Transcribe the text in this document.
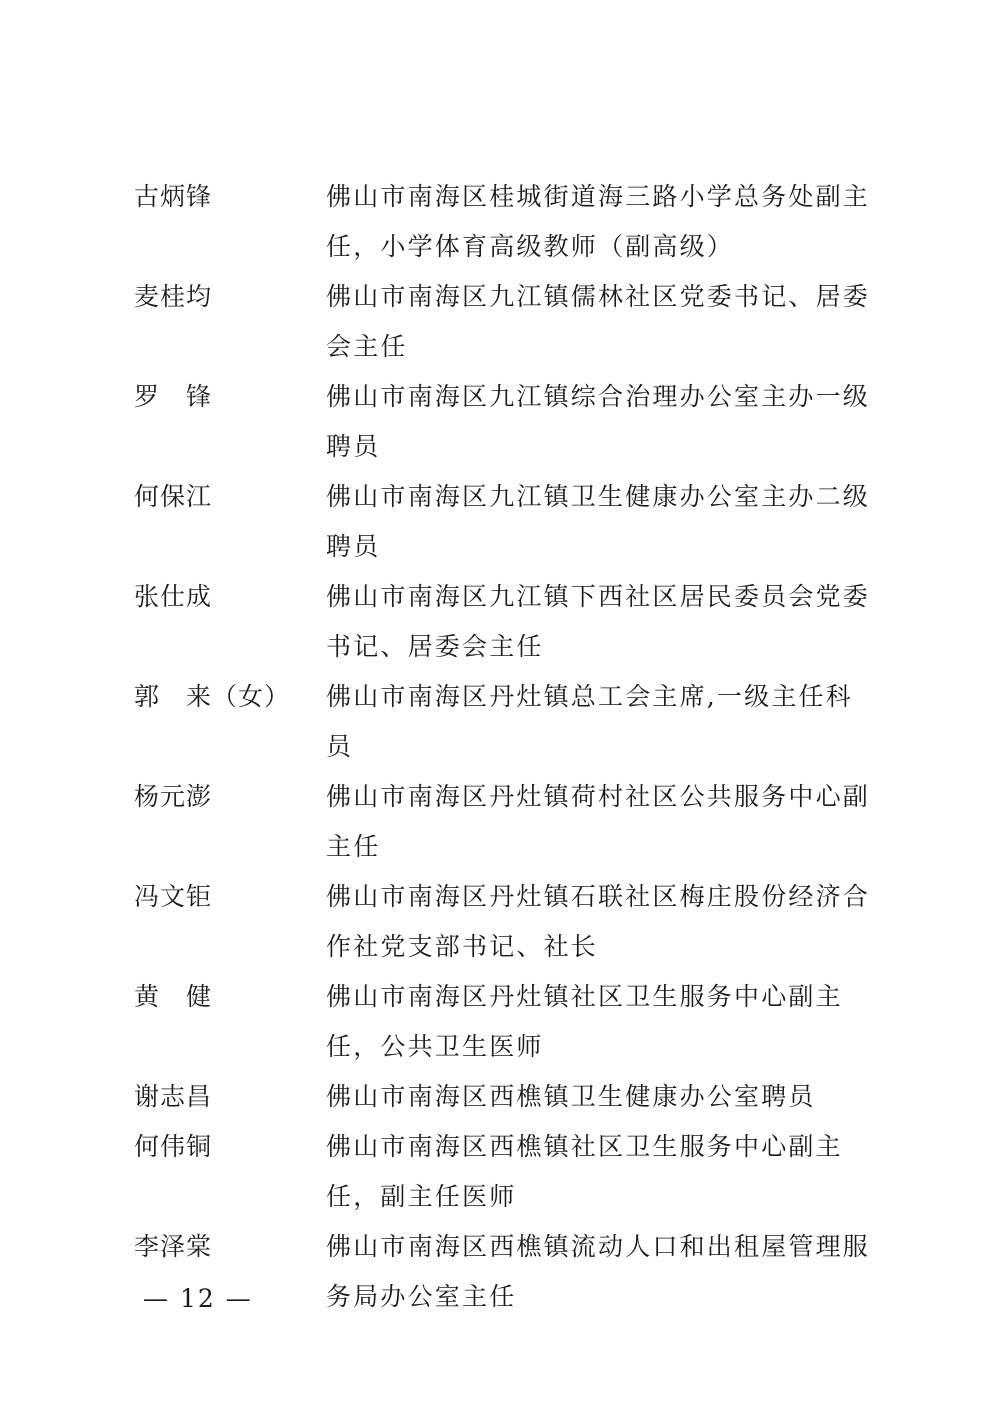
古炳锋	佛山市南海区桂城街道海三路小学总务处副主任，小学体育高级教师（副高级）
麦桂均	佛山市南海区九江镇儒林社区党委书记、居委会主任
罗　锋	佛山市南海区九江镇综合治理办公室主办一级聘员
何保江	佛山市南海区九江镇卫生健康办公室主办二级聘员
张仕成	佛山市南海区九江镇下西社区居民委员会党委书记、居委会主任
郭　来（女）	佛山市南海区丹灶镇总工会主席,一级主任科员
杨元澎	佛山市南海区丹灶镇荷村社区公共服务中心副主任
冯文钜	佛山市南海区丹灶镇石联社区梅庄股份经济合作社党支部书记、社长
黄　健	佛山市南海区丹灶镇社区卫生服务中心副主任，公共卫生医师
谢志昌	佛山市南海区西樵镇卫生健康办公室聘员
何伟铜	佛山市南海区西樵镇社区卫生服务中心副主任，副主任医师
李泽棠	佛山市南海区西樵镇流动人口和出租屋管理服务局办公室主任
— 12 —
